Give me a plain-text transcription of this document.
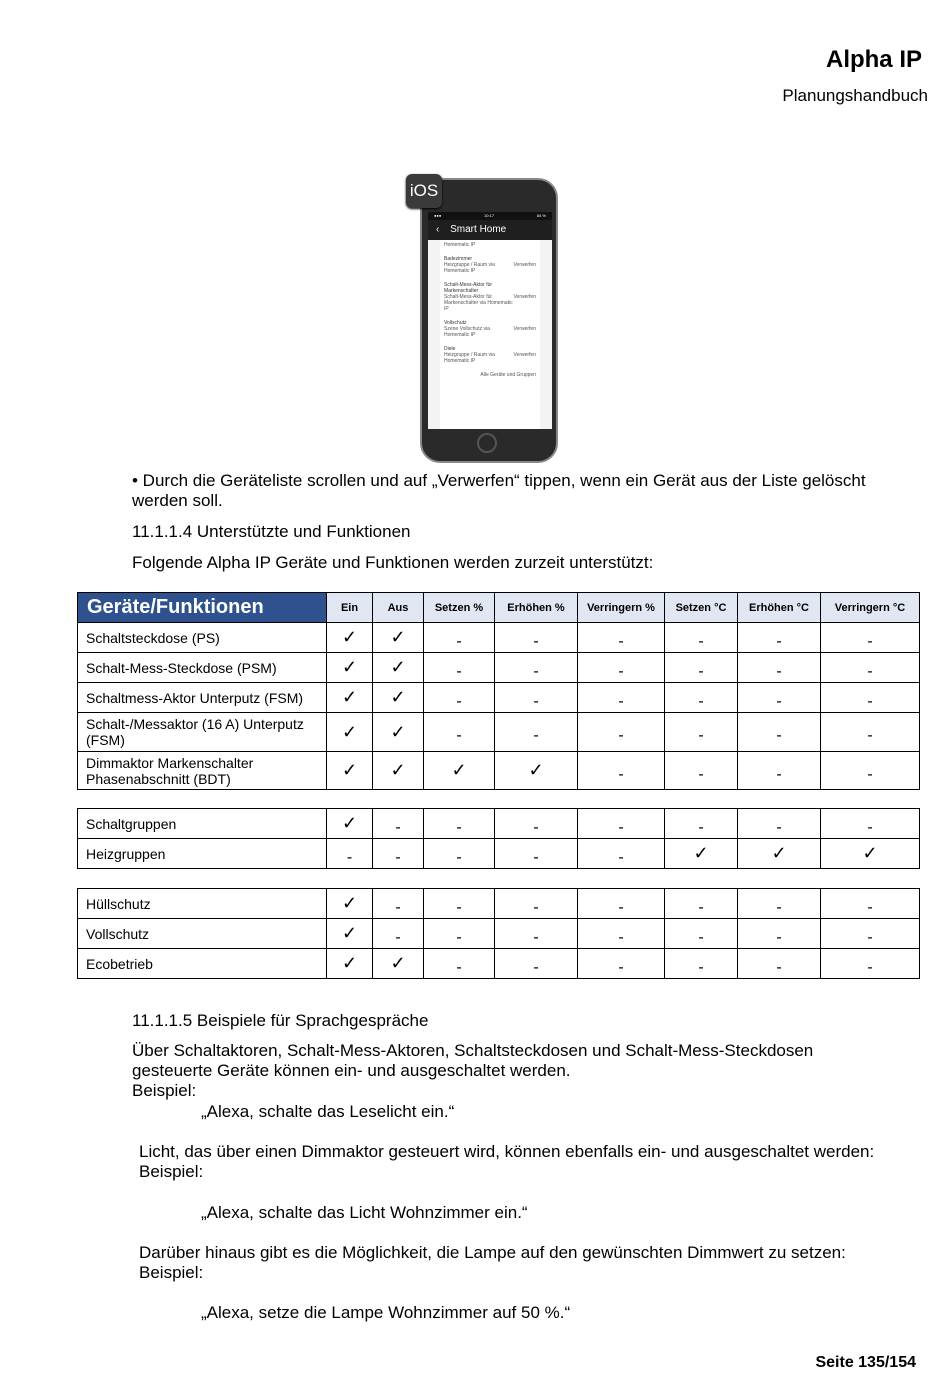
Alpha IP
Planungshandbuch
●●●	10:17	84 %
‹ Smart Home
Homematic IP
Badezimmer
Heizgruppe / Raum via Homematic IP
Verwerfen
Schalt-Mess-Aktor für Markenschalter
Schalt-Mess-Aktor für Markenschalter via Homematic IP
Verwerfen
Vollschutz
Szene Vollschutz via Homematic IP
Verwerfen
Diele
Heizgruppe / Raum via Homematic IP
Verwerfen
Alle Geräte und Gruppen
iOS
• Durch die Geräteliste scrollen und auf „Verwerfen“ tippen, wenn ein Gerät aus der Liste gelöscht werden soll.
11.1.1.4 Unterstützte und Funktionen
Folgende Alpha IP Geräte und Funktionen werden zurzeit unterstützt:
Geräte/Funktionen	Ein	Aus	Setzen %	Erhöhen %	Verringern %	Setzen °C	Erhöhen °C	Verringern °C
Schaltsteckdose (PS)	✓	✓	-	-	-	-	-	-
Schalt-Mess-Steckdose (PSM)	✓	✓	-	-	-	-	-	-
Schaltmess-Aktor Unterputz (FSM)	✓	✓	-	-	-	-	-	-
Schalt-/Messaktor (16 A) Unterputz (FSM)	✓	✓	-	-	-	-	-	-
Dimmaktor Markenschalter Phasenabschnitt (BDT)	✓	✓	✓	✓	-	-	-	-
Schaltgruppen	✓	-	-	-	-	-	-	-
Heizgruppen	-	-	-	-	-	✓	✓	✓
Hüllschutz	✓	-	-	-	-	-	-	-
Vollschutz	✓	-	-	-	-	-	-	-
Ecobetrieb	✓	✓	-	-	-	-	-	-
11.1.1.5 Beispiele für Sprachgespräche
Über Schaltaktoren, Schalt-Mess-Aktoren, Schaltsteckdosen und Schalt-Mess-Steckdosen gesteuerte Geräte können ein- und ausgeschaltet werden.
Beispiel:
„Alexa, schalte das Leselicht ein.“
Licht, das über einen Dimmaktor gesteuert wird, können ebenfalls ein- und ausgeschaltet werden:
Beispiel:
„Alexa, schalte das Licht Wohnzimmer ein.“
Darüber hinaus gibt es die Möglichkeit, die Lampe auf den gewünschten Dimmwert zu setzen:
Beispiel:
„Alexa, setze die Lampe Wohnzimmer auf 50 %.“
Seite 135/154
